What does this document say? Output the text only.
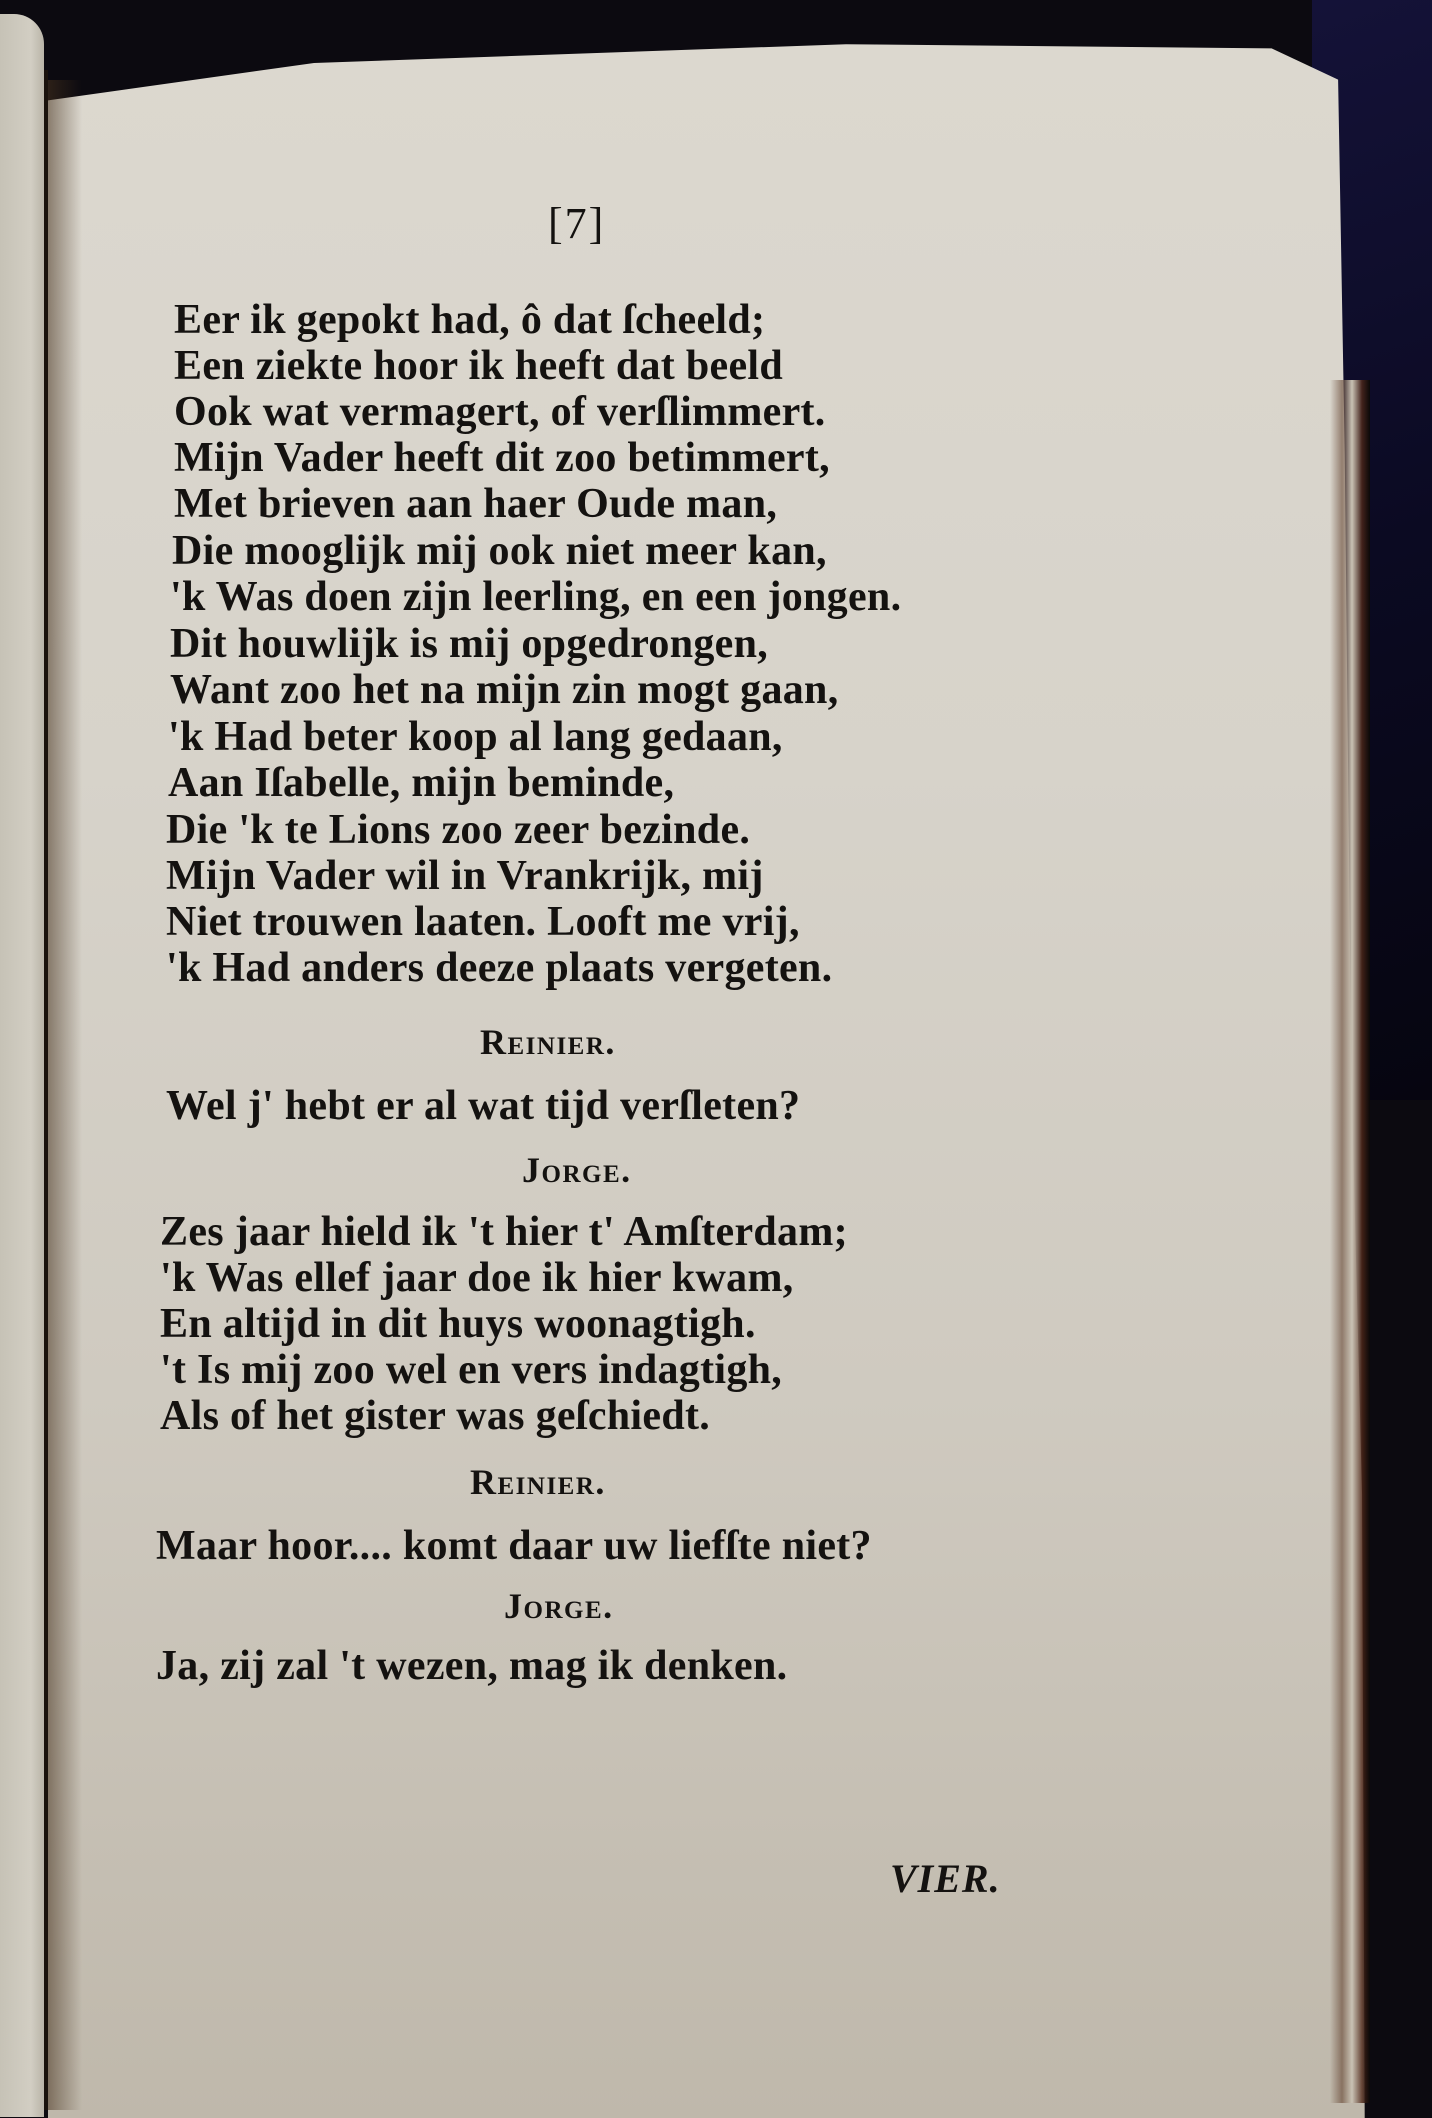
[7]
Eer ik gepokt had, ô dat ſcheeld;
Een ziekte hoor ik heeft dat beeld
Ook wat vermagert, of verſlimmert.
Mijn Vader heeft dit zoo betimmert,
Met brieven aan haer Oude man,
Die mooglijk mij ook niet meer kan,
'k Was doen zijn leerling, en een jongen.
Dit houwlijk is mij opgedrongen,
Want zoo het na mijn zin mogt gaan,
'k Had beter koop al lang gedaan,
Aan Iſabelle, mijn beminde,
Die 'k te Lions zoo zeer bezinde.
Mijn Vader wil in Vrankrijk, mij
Niet trouwen laaten. Looft me vrij,
'k Had anders deeze plaats vergeten.
Reinier.
Wel j' hebt er al wat tijd verſleten?
Jorge.
Zes jaar hield ik 't hier t' Amſterdam;
'k Was ellef jaar doe ik hier kwam,
En altijd in dit huys woonagtigh.
't Is mij zoo wel en vers indagtigh,
Als of het gister was geſchiedt.
Reinier.
Maar hoor.... komt daar uw liefſte niet?
Jorge.
Ja, zij zal 't wezen, mag ik denken.
VIER.
